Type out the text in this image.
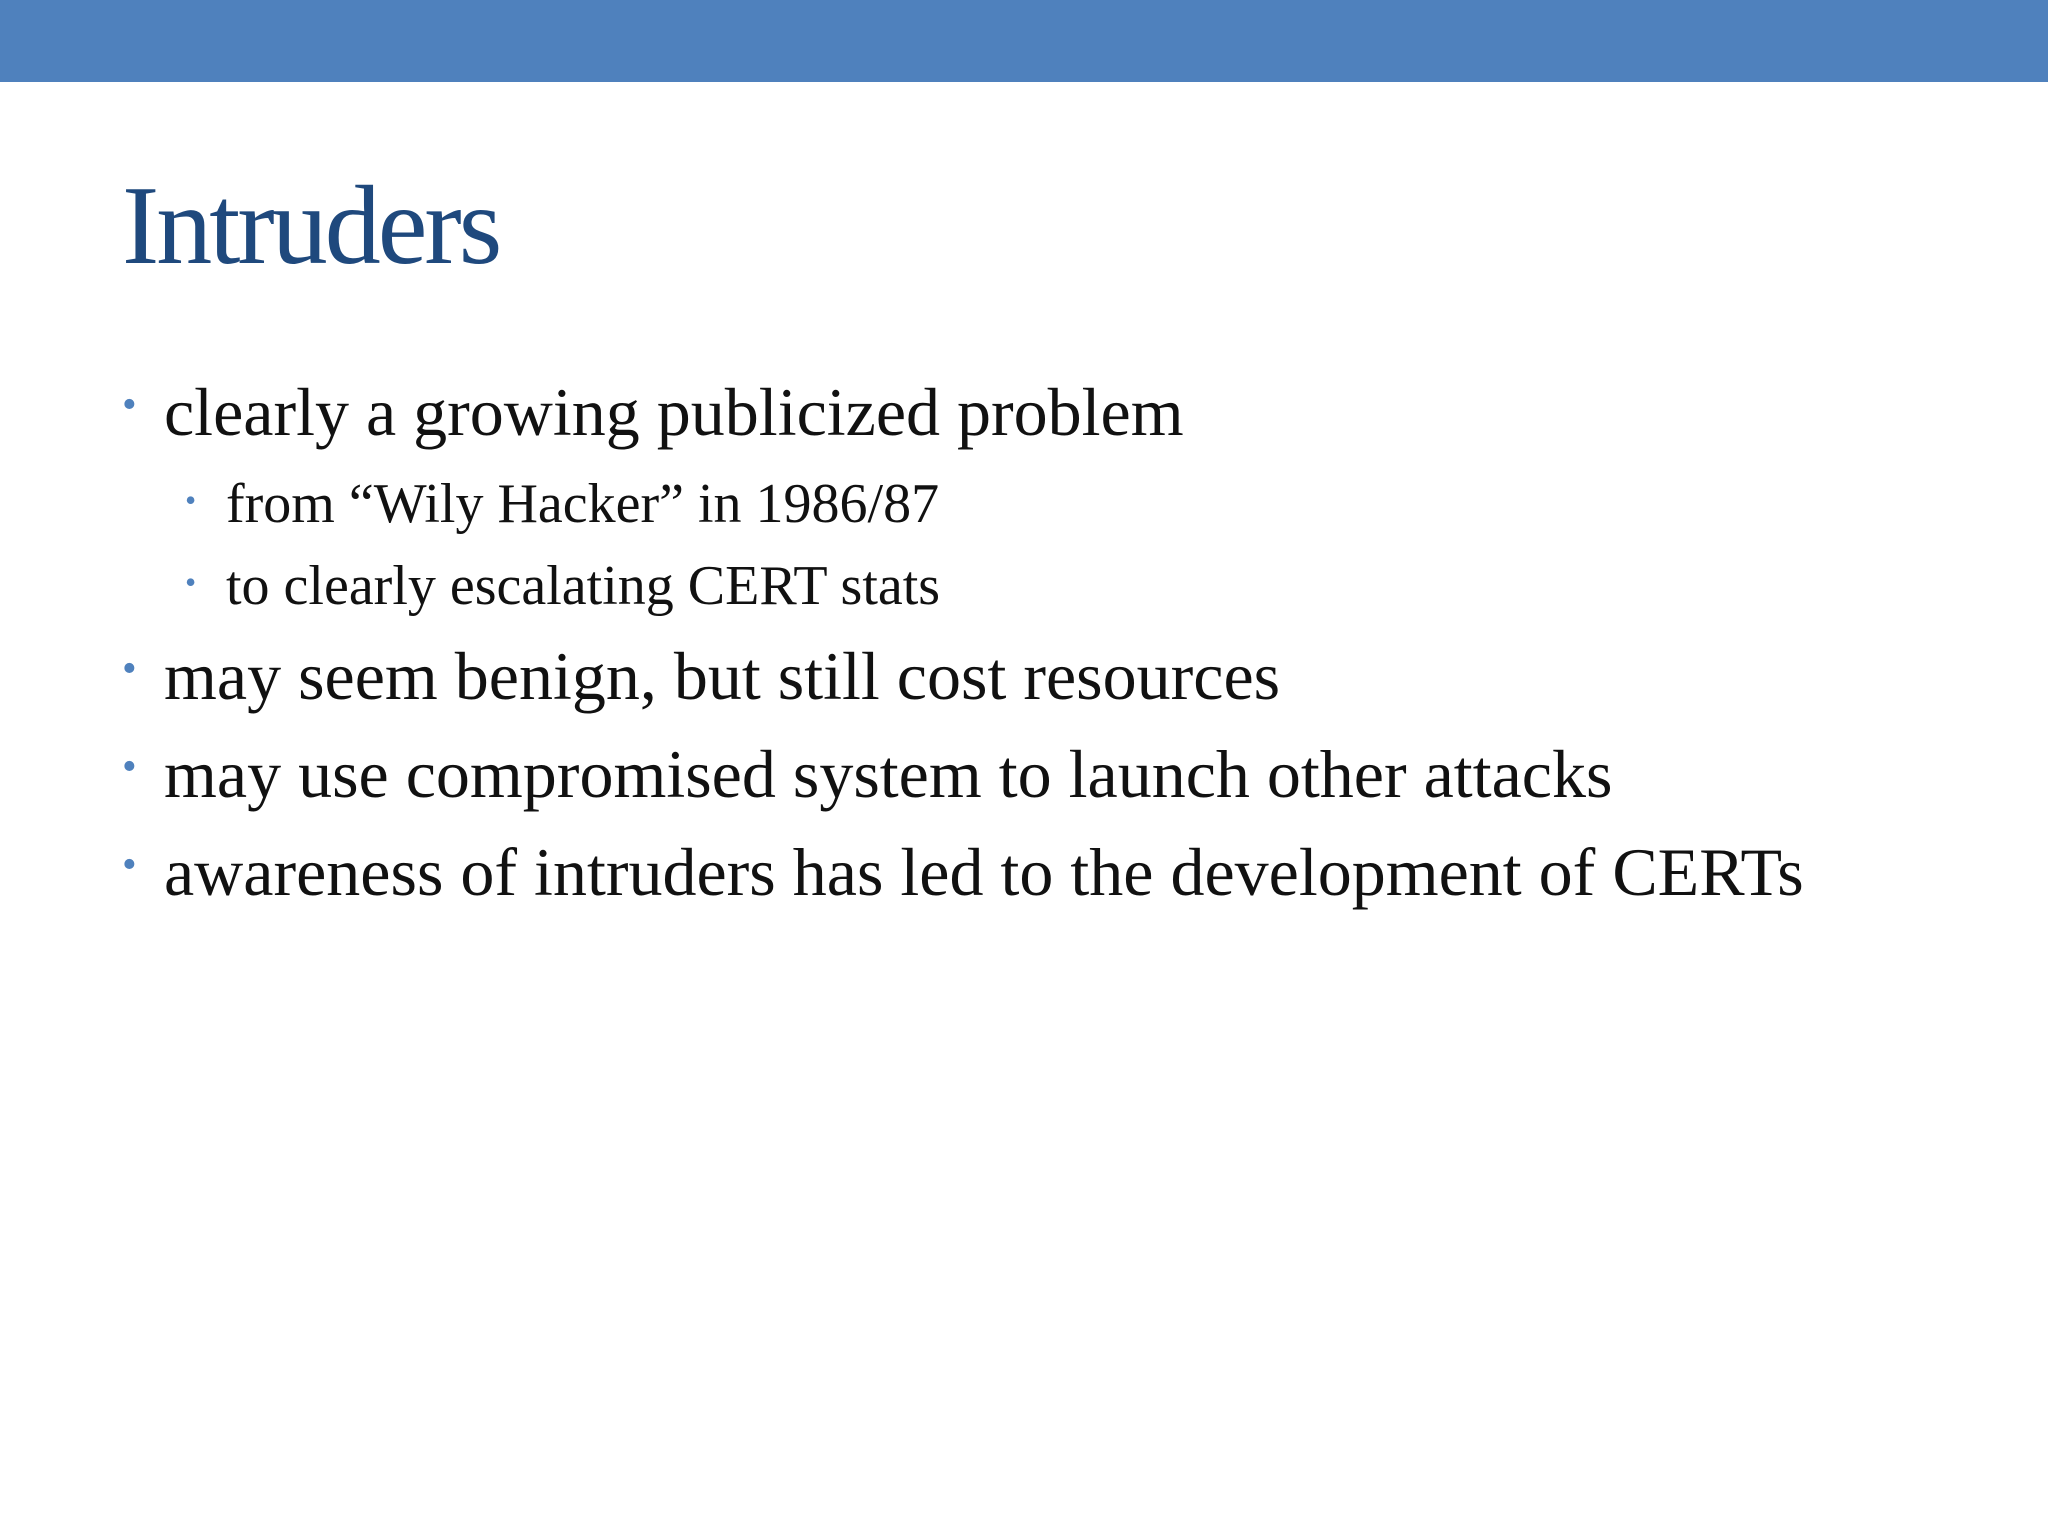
Intruders
• clearly a growing publicized problem
• from “Wily Hacker” in 1986/87
• to clearly escalating CERT stats
• may seem benign, but still cost resources
• may use compromised system to launch other attacks
• awareness of intruders has led to the development of CERTs
